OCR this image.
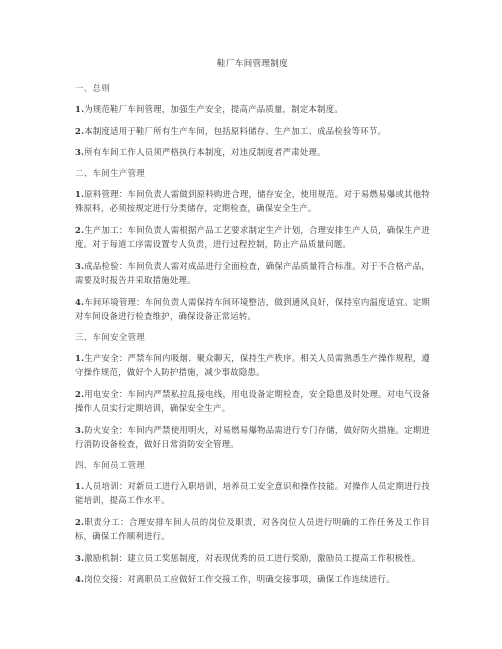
鞋厂车间管理制度
一、总则

1.为规范鞋厂车间管理，加强生产安全，提高产品质量，制定本制度。

2.本制度适用于鞋厂所有生产车间，包括原料储存、生产加工、成品检验等环节。

3.所有车间工作人员须严格执行本制度，对违反制度者严肃处理。

二、车间生产管理

1.原料管理：车间负责人需做到原料购进合理，储存安全，使用规范。对于易燃易爆或其他特殊原料，必须按规定进行分类储存，定期检查，确保安全生产。

2.生产加工：车间负责人需根据产品工艺要求制定生产计划，合理安排生产人员，确保生产进度。对于每道工序需设置专人负责，进行过程控制，防止产品质量问题。

3.成品检验：车间负责人需对成品进行全面检查，确保产品质量符合标准。对于不合格产品，需要及时报告并采取措施处理。

4.车间环境管理：车间负责人需保持车间环境整洁，做到通风良好，保持室内温度适宜。定期对车间设备进行检查维护，确保设备正常运转。

三、车间安全管理

1.生产安全：严禁车间内吸烟、聚众聊天，保持生产秩序。相关人员需熟悉生产操作规程，遵守操作规范，做好个人防护措施，减少事故隐患。

2.用电安全：车间内严禁私拉乱接电线，用电设备定期检查，安全隐患及时处理。对电气设备操作人员实行定期培训，确保安全生产。

3.防火安全：车间内严禁使用明火，对易燃易爆物品需进行专门存储，做好防火措施。定期进行消防设备检查，做好日常消防安全管理。

四、车间员工管理

1.人员培训：对新员工进行入职培训，培养员工安全意识和操作技能。对操作人员定期进行技能培训，提高工作水平。

2.职责分工：合理安排车间人员的岗位及职责，对各岗位人员进行明确的工作任务及工作目标，确保工作顺利进行。

3.激励机制：建立员工奖惩制度，对表现优秀的员工进行奖励，激励员工提高工作积极性。

4.岗位交接：对离职员工应做好工作交接工作，明确交接事项，确保工作连续进行。
